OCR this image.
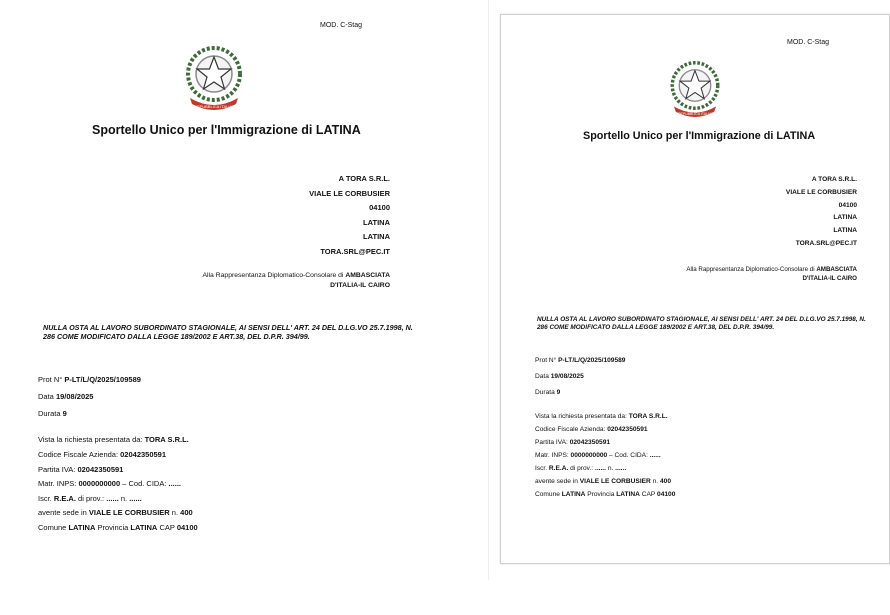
MOD. C-Stag
REPUBBLICA ITALIANA
Sportello Unico per l'Immigrazione di LATINA
A TORA S.R.L.
VIALE LE CORBUSIER
04100
LATINA
LATINA
TORA.SRL@PEC.IT
Alla Rappresentanza Diplomatico-Consolare di AMBASCIATA
D'ITALIA-IL CAIRO
NULLA OSTA AL LAVORO SUBORDINATO STAGIONALE, AI SENSI DELL' ART. 24 DEL D.LG.VO 25.7.1998, N. 286 COME MODIFICATO DALLA LEGGE 189/2002 E ART.38, DEL D.P.R. 394/99.
Prot N° P-LT/L/Q/2025/109589
Data 19/08/2025
Durata 9
Vista la richiesta presentata da: TORA S.R.L.
Codice Fiscale Azienda: 02042350591
Partita IVA: 02042350591
Matr. INPS: 0000000000 – Cod. CIDA: ......
Iscr. R.E.A. di prov.: ...... n. ......
avente sede in VIALE LE CORBUSIER n. 400
Comune LATINA Provincia LATINA CAP 04100
MOD. C-Stag
REPUBBLICA ITALIANA
Sportello Unico per l'Immigrazione di LATINA
A TORA S.R.L.
VIALE LE CORBUSIER
04100
LATINA
LATINA
TORA.SRL@PEC.IT
Alla Rappresentanza Diplomatico-Consolare di AMBASCIATA
D'ITALIA-IL CAIRO
NULLA OSTA AL LAVORO SUBORDINATO STAGIONALE, AI SENSI DELL' ART. 24 DEL D.LG.VO 25.7.1998, N. 286 COME MODIFICATO DALLA LEGGE 189/2002 E ART.38, DEL D.P.R. 394/99.
Prot N° P-LT/L/Q/2025/109589
Data 19/08/2025
Durata 9
Vista la richiesta presentata da: TORA S.R.L.
Codice Fiscale Azienda: 02042350591
Partita IVA: 02042350591
Matr. INPS: 0000000000 – Cod. CIDA: ......
Iscr. R.E.A. di prov.: ...... n. ......
avente sede in VIALE LE CORBUSIER n. 400
Comune LATINA Provincia LATINA CAP 04100
